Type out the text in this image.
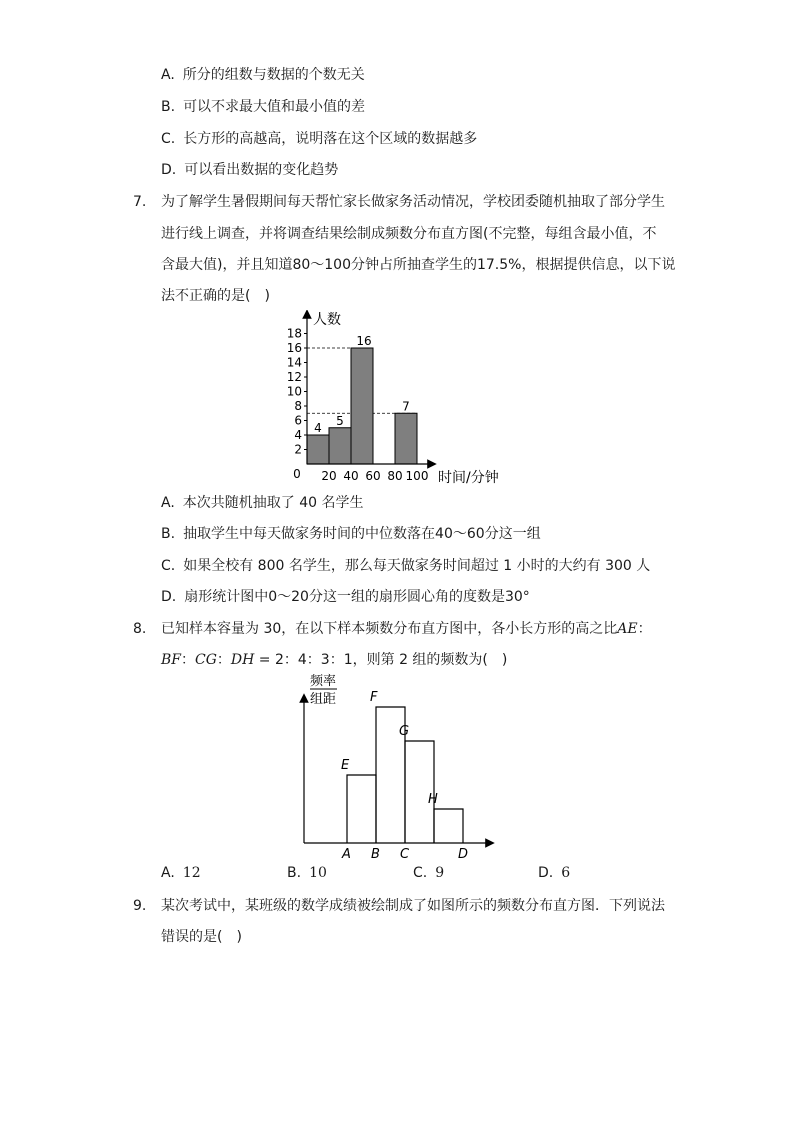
A. 所分的组数与数据的个数无关
B. 可以不求最大值和最小值的差
C. 长方形的高越高，说明落在这个区域的数据越多
D. 可以看出数据的变化趋势
7. 为了解学生暑假期间每天帮忙家长做家务活动情况，学校团委随机抽取了部分学生
进行线上调查，并将调查结果绘制成频数分布直方图(不完整，每组含最小值，不
含最大值)，并且知道80～100分钟占所抽查学生的17.5%，根据提供信息，以下说
法不正确的是(　)
2
4
6
8
10
12
14
16
18
0 20 40 60 80 100
4
5
16
7
人数
时间/分钟
A. 本次共随机抽取了 40 名学生
B. 抽取学生中每天做家务时间的中位数落在40～60分这一组
C. 如果全校有 800 名学生，那么每天做家务时间超过 1 小时的大约有 300 人
D. 扇形统计图中0～20分这一组的扇形圆心角的度数是30°
8. 已知样本容量为 30，在以下样本频数分布直方图中，各小长方形的高之比AE：
BF：CG：DH = 2：4：3：1，则第 2 组的频数为(　)
频率
组距
E
A
F
B
G
C
H
D
A. 12	B. 10	C. 9	D. 6
9. 某次考试中，某班级的数学成绩被绘制成了如图所示的频数分布直方图．下列说法
错误的是(　)
